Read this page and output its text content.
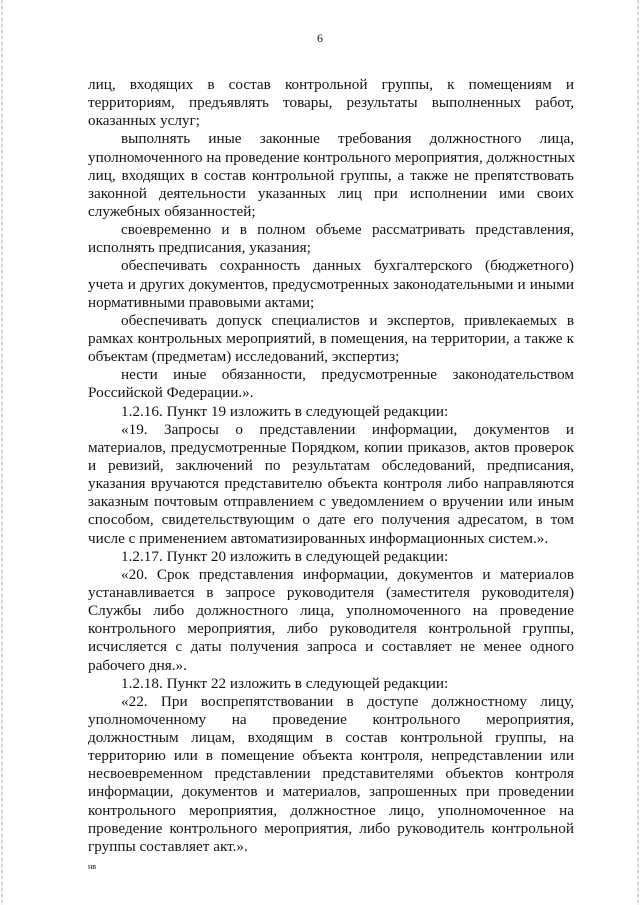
6
лиц, входящих в состав контрольной группы, к помещениям и
территориям, предъявлять товары, результаты выполненных работ,
оказанных услуг;
выполнять иные законные требования должностного лица,
уполномоченного на проведение контрольного мероприятия, должностных
лиц, входящих в состав контрольной группы, а также не препятствовать
законной деятельности указанных лиц при исполнении ими своих
служебных обязанностей;
своевременно и в полном объеме рассматривать представления,
исполнять предписания, указания;
обеспечивать сохранность данных бухгалтерского (бюджетного)
учета и других документов, предусмотренных законодательными и иными
нормативными правовыми актами;
обеспечивать допуск специалистов и экспертов, привлекаемых в
рамках контрольных мероприятий, в помещения, на территории, а также к
объектам (предметам) исследований, экспертиз;
нести иные обязанности, предусмотренные законодательством
Российской Федерации.».
1.2.16. Пункт 19 изложить в следующей редакции:
«19. Запросы о представлении информации, документов и
материалов, предусмотренные Порядком, копии приказов, актов проверок
и ревизий, заключений по результатам обследований, предписания,
указания вручаются представителю объекта контроля либо направляются
заказным почтовым отправлением с уведомлением о вручении или иным
способом, свидетельствующим о дате его получения адресатом, в том
числе с применением автоматизированных информационных систем.».
1.2.17. Пункт 20 изложить в следующей редакции:
«20. Срок представления информации, документов и материалов
устанавливается в запросе руководителя (заместителя руководителя)
Службы либо должностного лица, уполномоченного на проведение
контрольного мероприятия, либо руководителя контрольной группы,
исчисляется с даты получения запроса и составляет не менее одного
рабочего дня.».
1.2.18. Пункт 22 изложить в следующей редакции:
«22. При воспрепятствовании в доступе должностному лицу,
уполномоченному на проведение контрольного мероприятия,
должностным лицам, входящим в состав контрольной группы, на
территорию или в помещение объекта контроля, непредставлении или
несвоевременном представлении представителями объектов контроля
информации, документов и материалов, запрошенных при проведении
контрольного мероприятия, должностное лицо, уполномоченное на
проведение контрольного мероприятия, либо руководитель контрольной
группы составляет акт.».
нв
